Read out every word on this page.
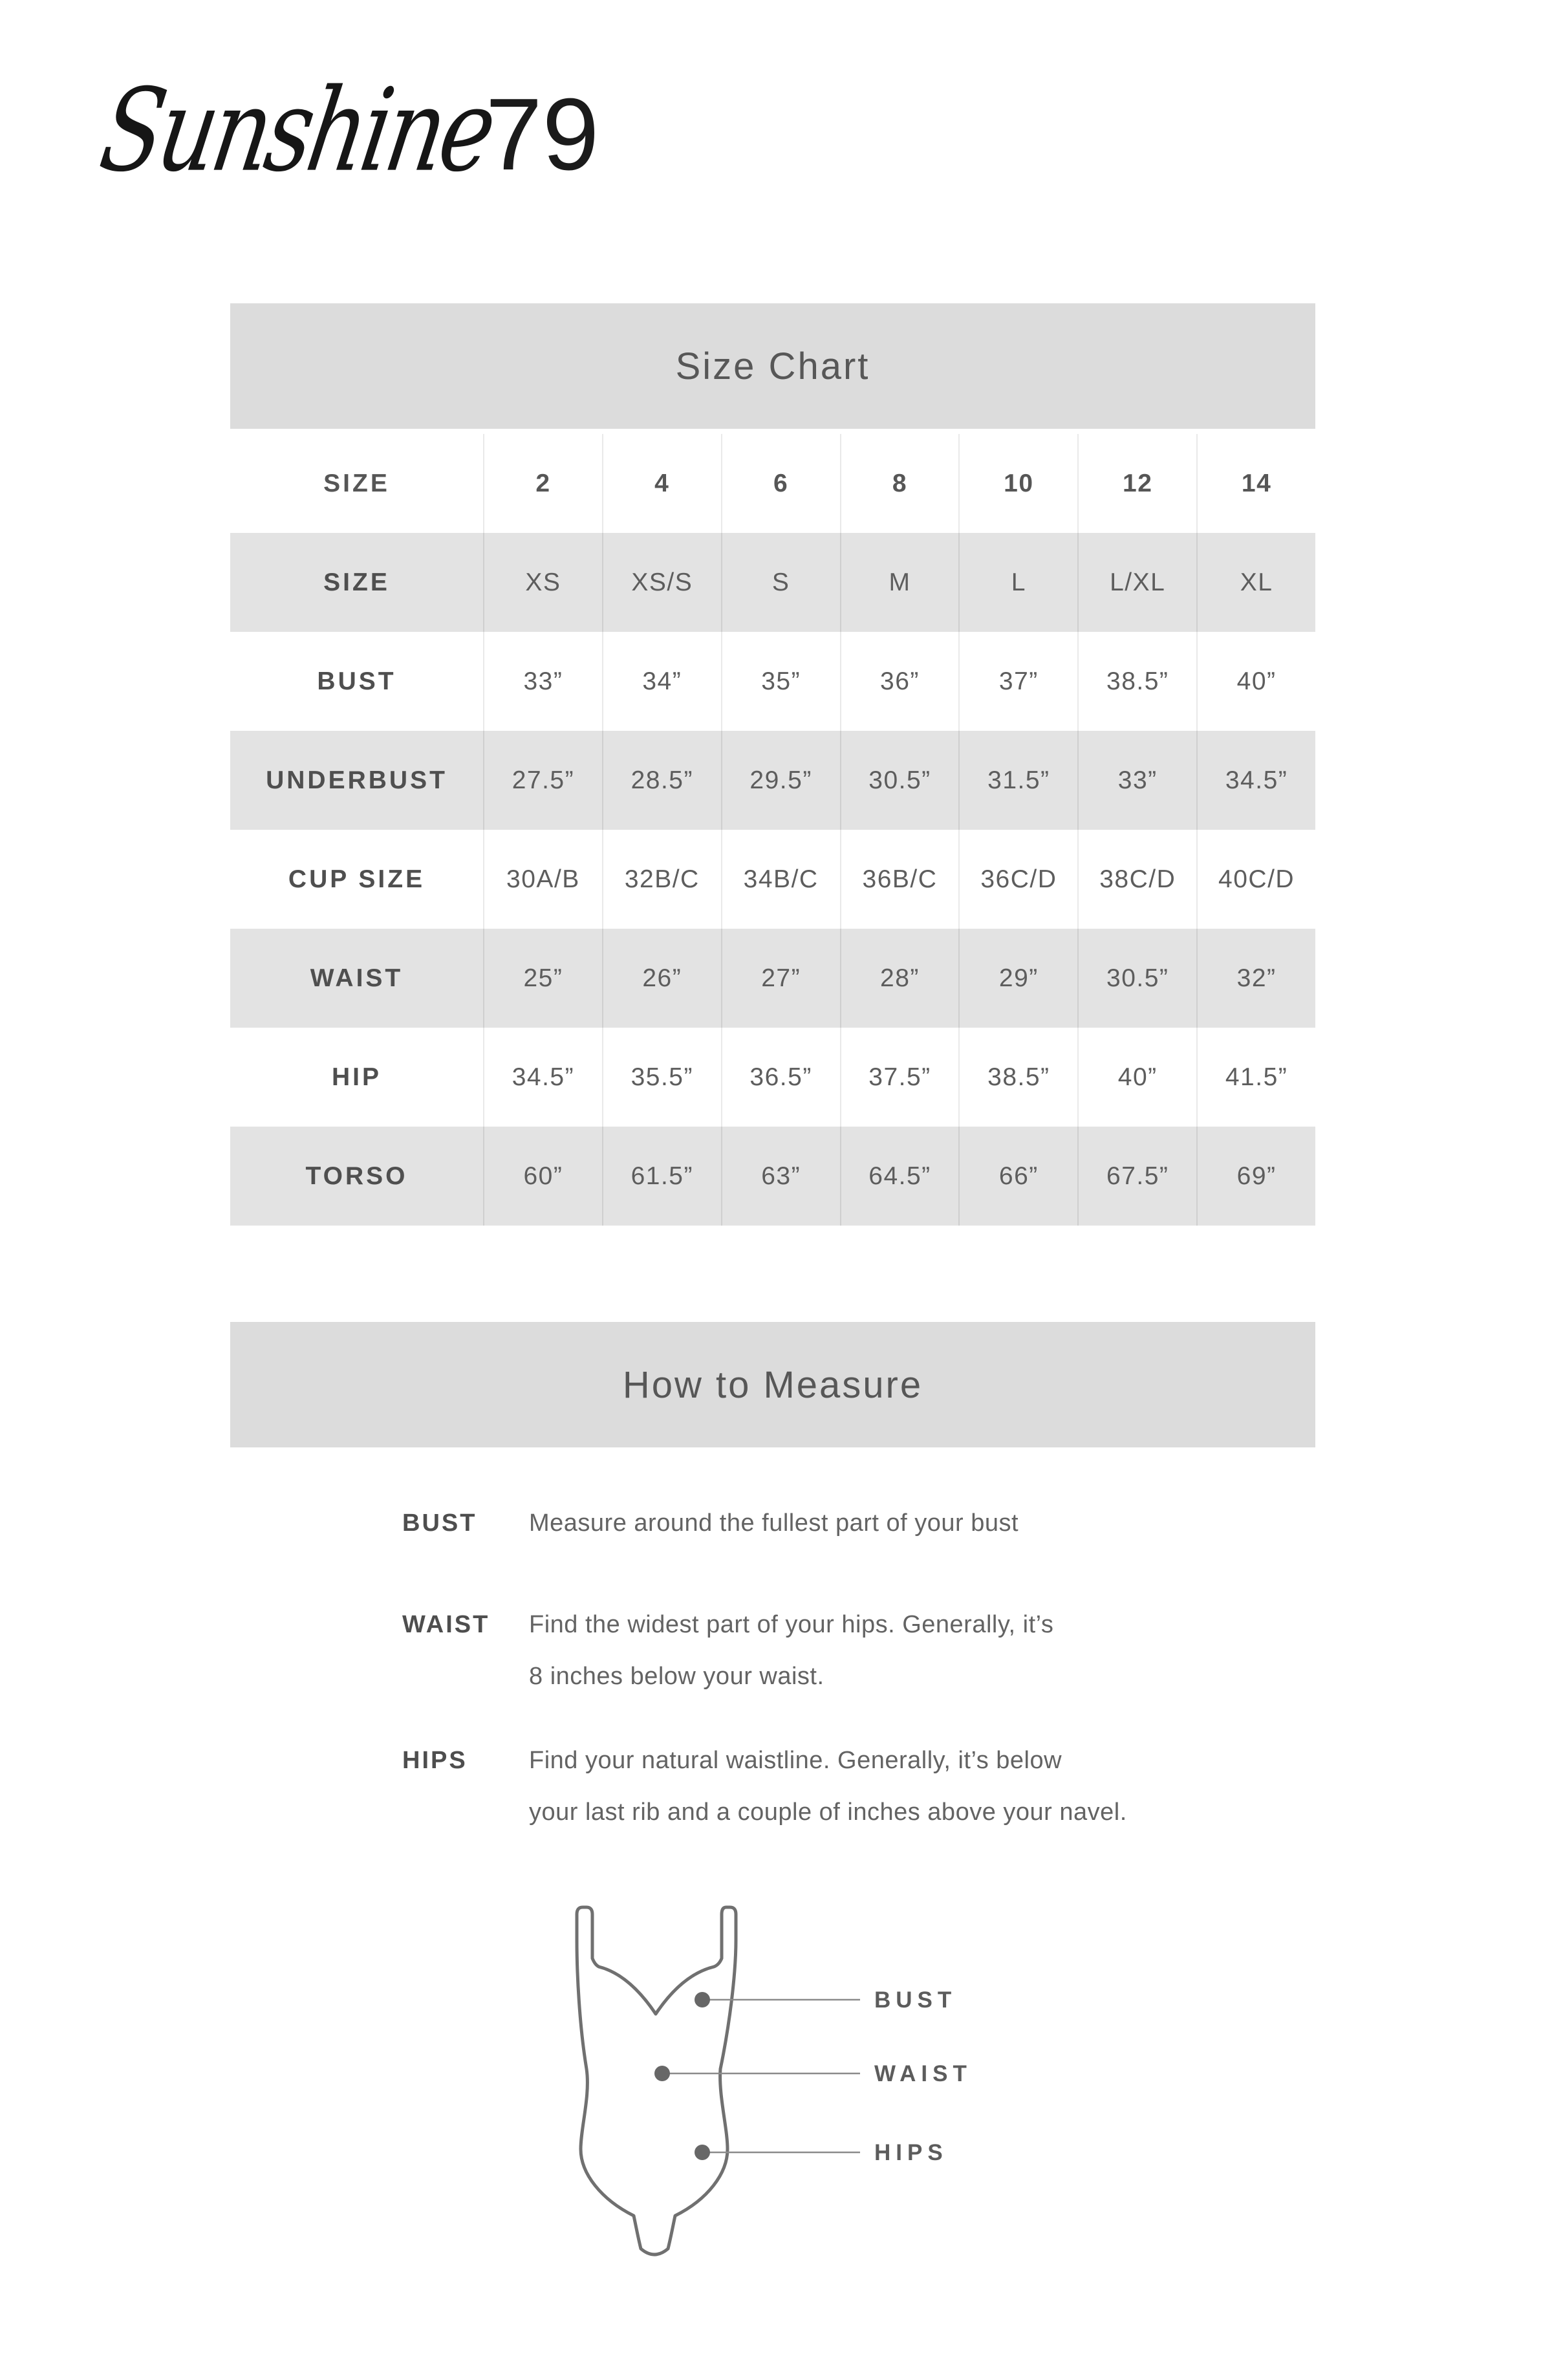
Sunshine
79
Size Chart
SIZE	2	4	6	8	10	12	14
SIZE	XS	XS/S	S	M	L	L/XL	XL
BUST	33”	34”	35”	36”	37”	38.5”	40”
UNDERBUST	27.5”	28.5”	29.5”	30.5”	31.5”	33”	34.5”
CUP SIZE	30A/B	32B/C	34B/C	36B/C	36C/D	38C/D	40C/D
WAIST	25”	26”	27”	28”	29”	30.5”	32”
HIP	34.5”	35.5”	36.5”	37.5”	38.5”	40”	41.5”
TORSO	60”	61.5”	63”	64.5”	66”	67.5”	69”
How to Measure
BUST	Measure around the fullest part of your bust
WAIST	Find the widest part of your hips. Generally, it’s
8 inches below your waist.
HIPS	Find your natural waistline. Generally, it’s below
your last rib and a couple of inches above your navel.
BUST
WAIST
HIPS
